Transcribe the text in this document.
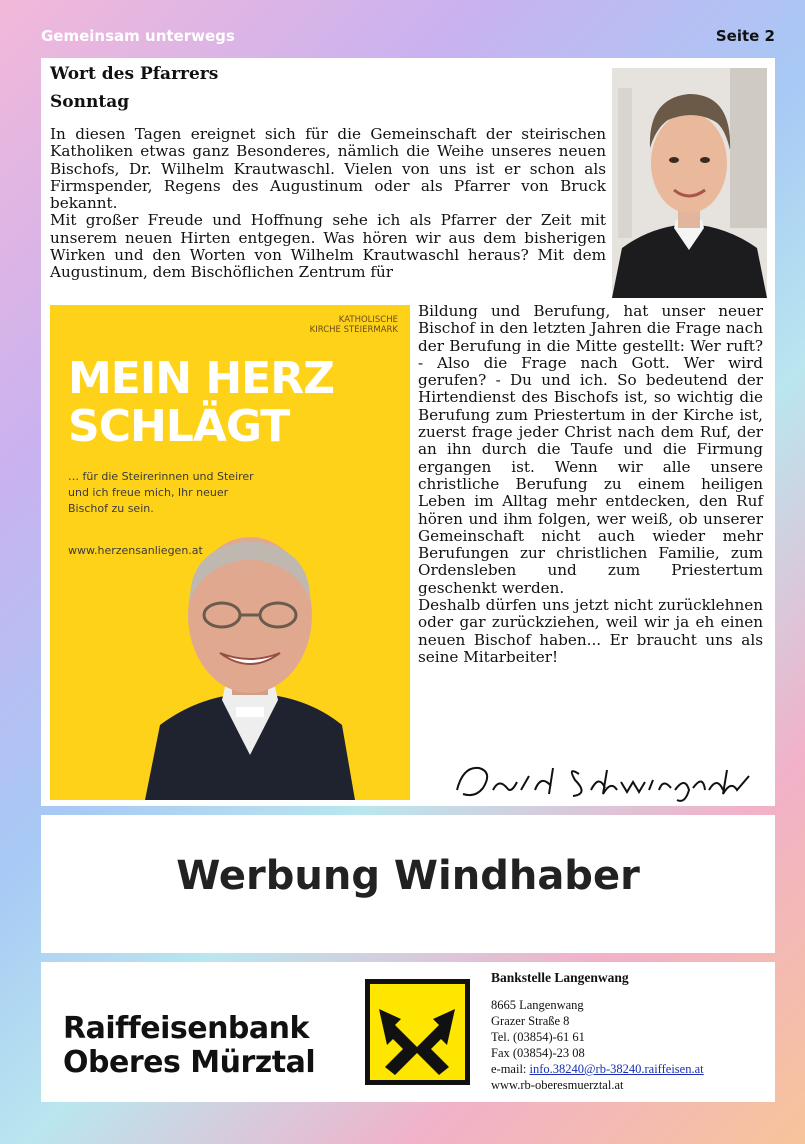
Gemeinsam unterwegs	Seite 2
Wort des Pfarrers
Sonntag

In diesen Tagen ereignet sich für die Gemeinschaft der steirischen Katholiken etwas ganz Besonderes, nämlich die Weihe unseres neuen Bischofs, Dr. Wilhelm Krautwaschl. Vielen von uns ist er schon als Firmspender, Regens des Augustinum oder als Pfarrer von Bruck bekannt.

Mit großer Freude und Hoffnung sehe ich als Pfarrer der Zeit mit unserem neuen Hirten entgegen. Was hören wir aus dem bisherigen Wirken und den Worten von Wilhelm Krautwaschl heraus? Mit dem Augustinum, dem Bischöflichen Zentrum für

KATHOLISCHE
KIRCHE STEIERMARK
MEIN HERZ
SCHLÄGT
… für die Steirerinnen und Steirer und ich freue mich, Ihr neuer Bischof zu sein.
www.herzensanliegen.at

Bildung und Berufung, hat unser neuer Bischof in den letzten Jahren die Frage nach der Berufung in die Mitte gestellt: Wer ruft? - Also die Frage nach Gott. Wer wird gerufen? - Du und ich. So bedeutend der Hirtendienst des Bischofs ist, so wichtig die Berufung zum Priestertum in der Kirche ist, zuerst frage jeder Christ nach dem Ruf, der an ihn durch die Taufe und die Firmung ergangen ist. Wenn wir alle unsere christliche Berufung zu einem heiligen Leben im Alltag mehr entdecken, den Ruf hören und ihm folgen, wer weiß, ob unserer Gemeinschaft nicht auch wieder mehr Berufungen zur christlichen Familie, zum Ordensleben und zum Priestertum geschenkt werden.

Deshalb dürfen uns jetzt nicht zurücklehnen oder gar zurückziehen, weil wir ja eh einen neuen Bischof haben... Er braucht uns als seine Mitarbeiter!

Werbung Windhaber
Raiffeisenbank
Oberes Mürztal
Bankstelle Langenwang
8665 Langenwang
Grazer Straße 8
Tel. (03854)-61 61
Fax (03854)-23 08
e-mail: info.38240@rb-38240.raiffeisen.at
www.rb-oberesmuerztal.at
